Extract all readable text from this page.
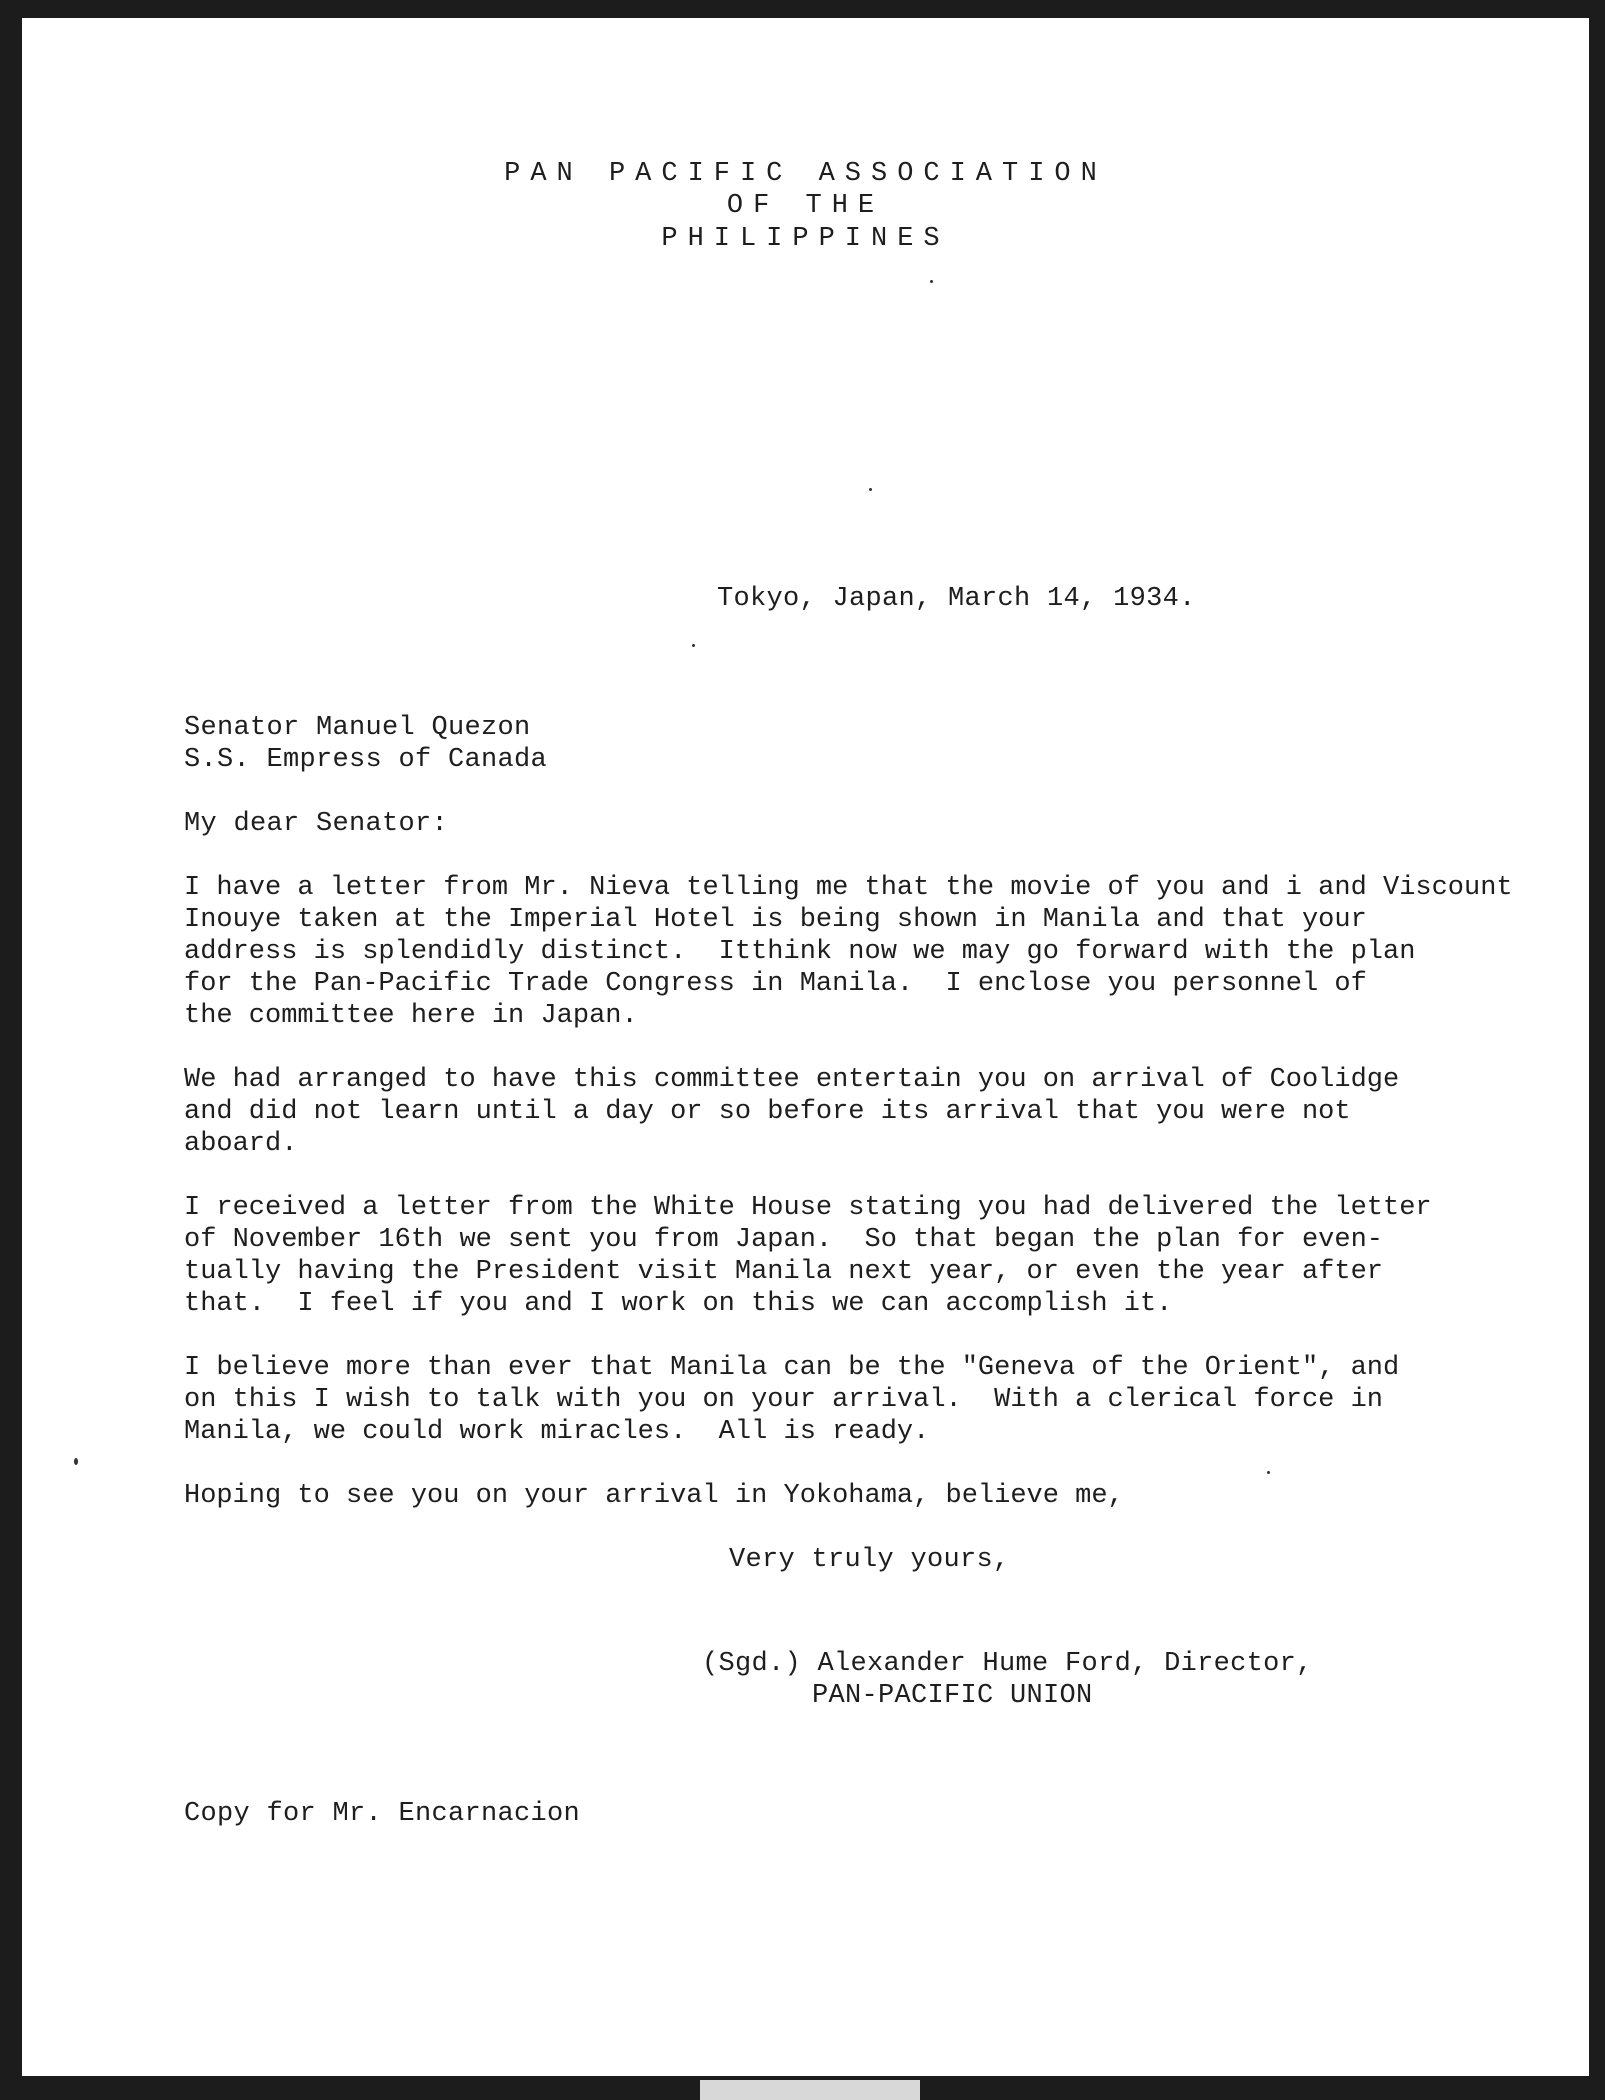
PAN PACIFIC ASSOCIATION
OF THE
PHILIPPINES
Tokyo, Japan, March 14, 1934.
Senator Manuel Quezon
S.S. Empress of Canada
My dear Senator:
I have a letter from Mr. Nieva telling me that the movie of you and i and Viscount
Inouye taken at the Imperial Hotel is being shown in Manila and that your
address is splendidly distinct.  Itthink now we may go forward with the plan
for the Pan-Pacific Trade Congress in Manila.  I enclose you personnel of
the committee here in Japan.
We had arranged to have this committee entertain you on arrival of Coolidge
and did not learn until a day or so before its arrival that you were not
aboard.
I received a letter from the White House stating you had delivered the letter
of November 16th we sent you from Japan.  So that began the plan for even-
tually having the President visit Manila next year, or even the year after
that.  I feel if you and I work on this we can accomplish it.
I believe more than ever that Manila can be the "Geneva of the Orient", and
on this I wish to talk with you on your arrival.  With a clerical force in
Manila, we could work miracles.  All is ready.
Hoping to see you on your arrival in Yokohama, believe me,
Very truly yours,
(Sgd.) Alexander Hume Ford, Director,
PAN-PACIFIC UNION
Copy for Mr. Encarnacion
